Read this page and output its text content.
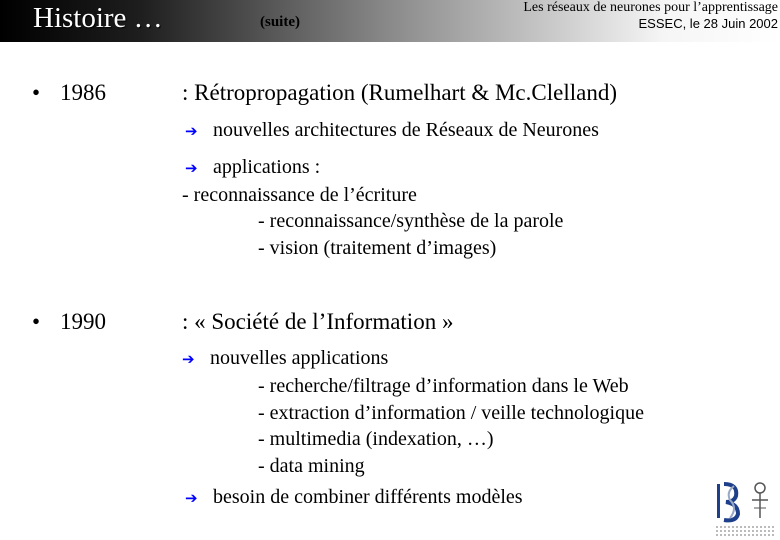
Histoire …	(suite)
Les réseaux de neurones pour l’apprentissage
ESSEC, le 28 Juin 2002
• 1986	: Rétropropagation (Rumelhart & Mc.Clelland)
➔ nouvelles architectures de Réseaux de Neurones
➔ applications :
- reconnaissance de l’écriture
- reconnaissance/synthèse de la parole
- vision (traitement d’images)
• 1990	: « Société de l’Information »
➔ nouvelles applications
- recherche/filtrage d’information dans le Web
- extraction d’information / veille technologique
- multimedia (indexation, …)
- data mining
➔ besoin de combiner différents modèles
